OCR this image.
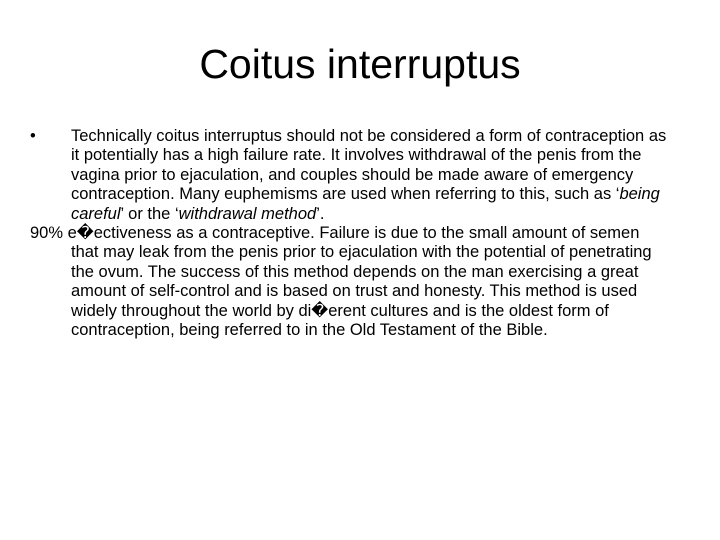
Coitus interruptus

• Technically coitus interruptus should not be considered a form of contraception as it potentially has a high failure rate. It involves withdrawal of the penis from the vagina prior to ejaculation, and couples should be made aware of emergency contraception. Many euphemisms are used when referring to this, such as ‘being careful’ or the ‘withdrawal method’.

90% e�ectiveness as a contraceptive. Failure is due to the small amount of semen that may leak from the penis prior to ejaculation with the potential of penetrating the ovum. The success of this method depends on the man exercising a great amount of self-control and is based on trust and honesty. This method is used widely throughout the world by di�erent cultures and is the oldest form of contraception, being referred to in the Old Testament of the Bible.
